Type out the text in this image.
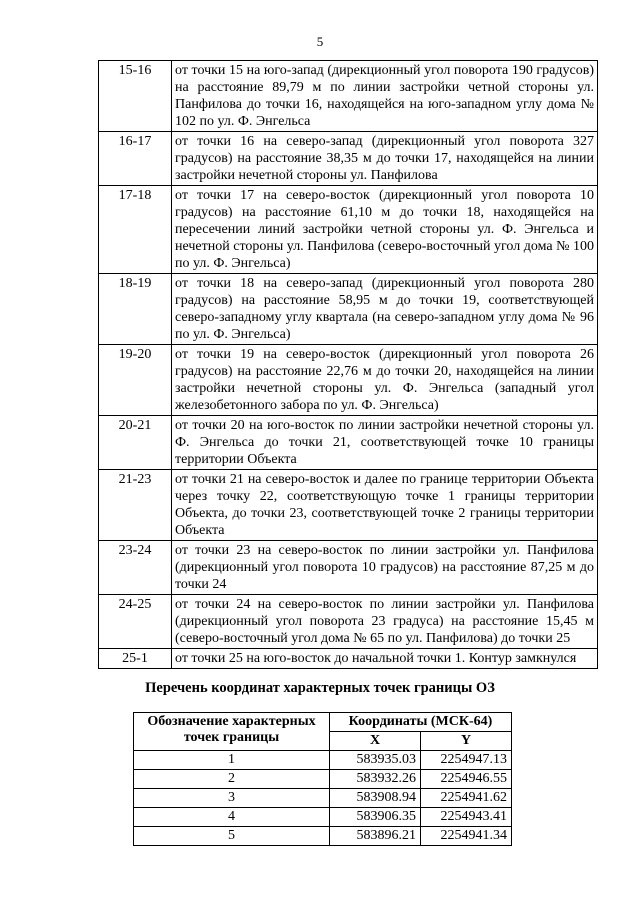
5
15-16	от точки 15 на юго-запад (дирекционный угол поворота 190 градусов) на расстояние 89,79 м по линии застройки четной стороны ул. Панфилова до точки 16, находящейся на юго-западном углу дома № 102 по ул. Ф. Энгельса
16-17	от точки 16 на северо-запад (дирекционный угол поворота 327 градусов) на расстояние 38,35 м до точки 17, находящейся на линии застройки нечетной стороны ул. Панфилова
17-18	от точки 17 на северо-восток (дирекционный угол поворота 10 градусов) на расстояние 61,10 м до точки 18, находящейся на пересечении линий застройки четной стороны ул. Ф. Энгельса и нечетной стороны ул. Панфилова (северо-восточный угол дома № 100 по ул. Ф. Энгельса)
18-19	от точки 18 на северо-запад (дирекционный угол поворота 280 градусов) на расстояние 58,95 м до точки 19, соответствующей северо-западному углу квартала (на северо-западном углу дома № 96 по ул. Ф. Энгельса)
19-20	от точки 19 на северо-восток (дирекционный угол поворота 26 градусов) на расстояние 22,76 м до точки 20, находящейся на линии застройки нечетной стороны ул. Ф. Энгельса (западный угол железобетонного забора по ул. Ф. Энгельса)
20-21	от точки 20 на юго-восток по линии застройки нечетной стороны ул. Ф. Энгельса до точки 21, соответствующей точке 10 границы территории Объекта
21-23	от точки 21 на северо-восток и далее по границе территории Объекта через точку 22, соответствующую точке 1 границы территории Объекта, до точки 23, соответствующей точке 2 границы территории Объекта
23-24	от точки 23 на северо-восток по линии застройки ул. Панфилова (дирекционный угол поворота 10 градусов) на расстояние 87,25 м до точки 24
24-25	от точки 24 на северо-восток по линии застройки ул. Панфилова (дирекционный угол поворота 23 градуса) на расстояние 15,45 м (северо-восточный угол дома № 65 по ул. Панфилова) до точки 25
25-1	от точки 25 на юго-восток до начальной точки 1. Контур замкнулся
Перечень координат характерных точек границы ОЗ
Обозначение характерных точек границы	Координаты (МСК-64)	
	X	Y
1	583935.03	2254947.13
2	583932.26	2254946.55
3	583908.94	2254941.62
4	583906.35	2254943.41
5	583896.21	2254941.34
